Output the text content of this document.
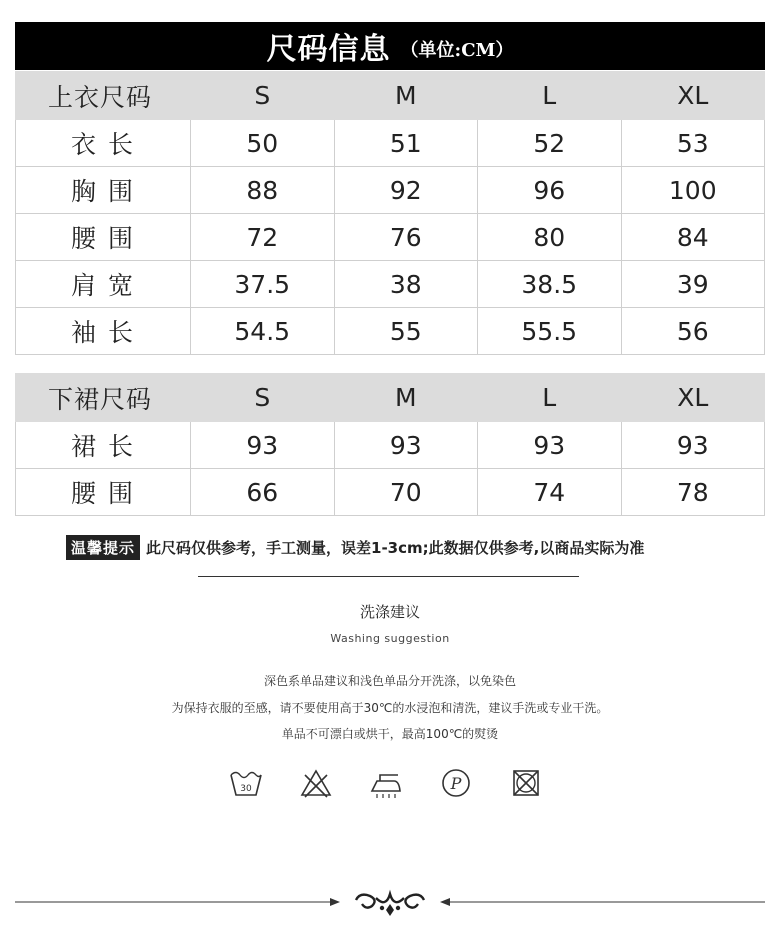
尺码信息 （单位:CM）
上衣尺码	S	M	L	XL
衣 长	50	51	52	53
胸 围	88	92	96	100
腰 围	72	76	80	84
肩 宽	37.5	38	38.5	39
袖 长	54.5	55	55.5	56
下裙尺码	S	M	L	XL
裙 长	93	93	93	93
腰 围	66	70	74	78
温馨提示 此尺码仅供参考，手工测量，误差1-3cm;此数据仅供参考,以商品实际为准
洗涤建议
Washing suggestion
深色系单品建议和浅色单品分开洗涤，以免染色
为保持衣服的至感，请不要使用高于30℃的水浸泡和清洗，建议手洗或专业干洗。
单品不可漂白或烘干，最高100℃的熨烫
30	P
